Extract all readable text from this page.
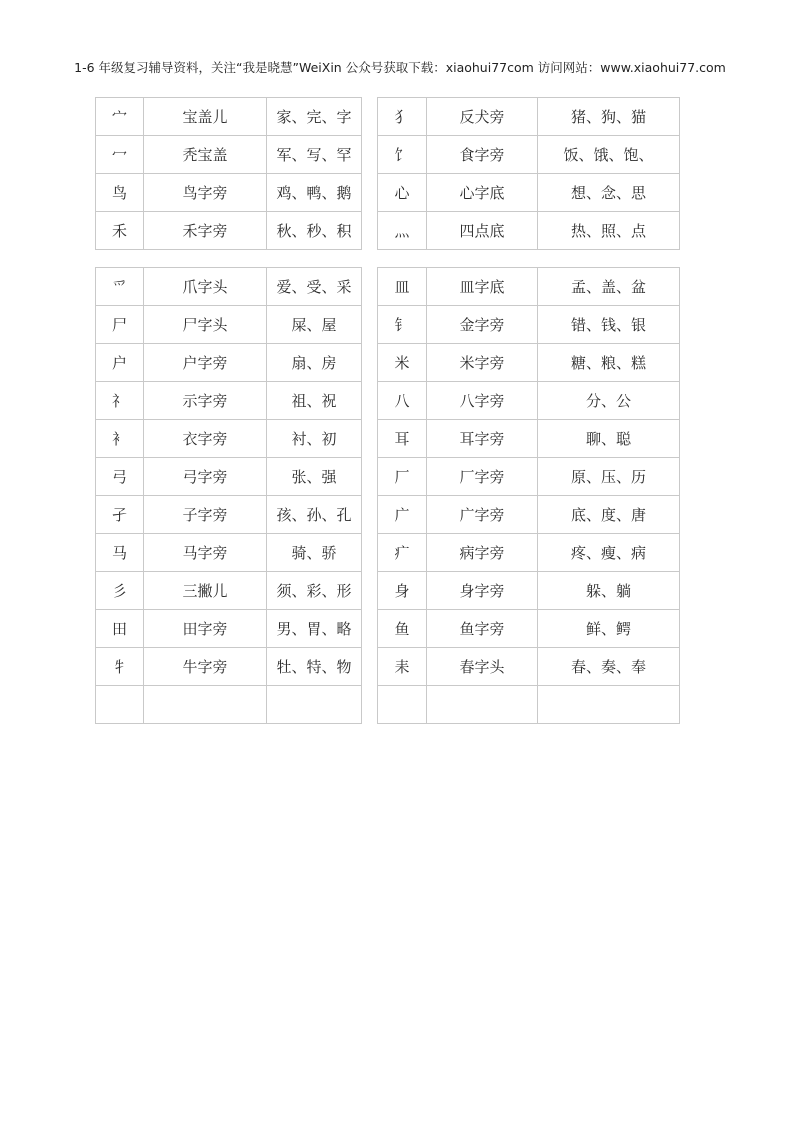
1-6 年级复习辅导资料，关注“我是晓慧”WeiXin 公众号获取下载：xiaohui77com 访问网站：www.xiaohui77.com
宀	宝盖儿	家、完、字		犭	反犬旁	猪、狗、猫
冖	秃宝盖	军、写、罕		饣	食字旁	饭、饿、饱、
鸟	鸟字旁	鸡、鸭、鹅		心	心字底	想、念、思
禾	禾字旁	秋、秒、积		灬	四点底	热、照、点
爫	爪字头	爱、受、采		皿	皿字底	孟、盖、盆
尸	尸字头	屎、屋		钅	金字旁	错、钱、银
户	户字旁	扇、房		米	米字旁	糖、粮、糕
礻	示字旁	祖、祝		八	八字旁	分、公
衤	衣字旁	衬、初		耳	耳字旁	聊、聪
弓	弓字旁	张、强		厂	厂字旁	原、压、历
孑	子字旁	孩、孙、孔		广	广字旁	底、度、唐
马	马字旁	骑、骄		疒	病字旁	疼、瘦、病
彡	三撇儿	须、彩、形		身	身字旁	躲、躺
田	田字旁	男、胃、略		鱼	鱼字旁	鲜、鳄
牜	牛字旁	牡、特、物		耒	春字头	春、奏、奉
